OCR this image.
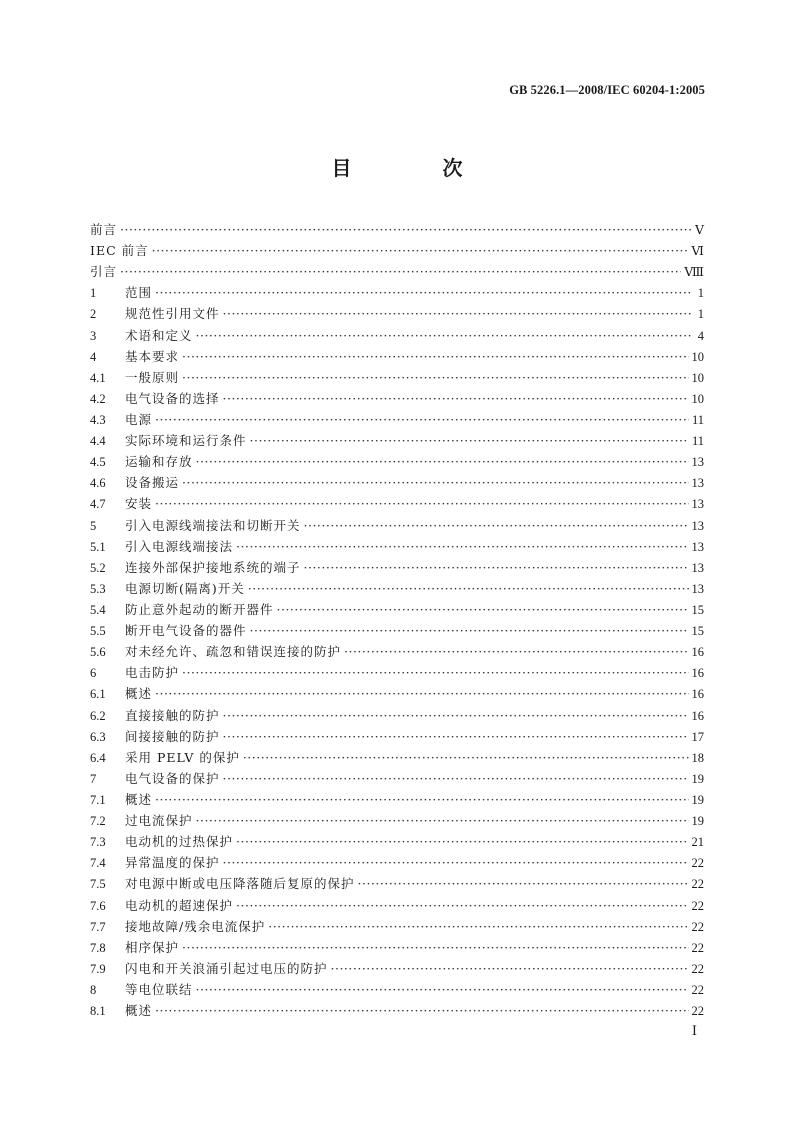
GB 5226.1—2008/IEC 60204-1:2005
目 次
前言 ·····	Ⅴ
IEC 前言 ·····	Ⅵ
引言 ·····	Ⅷ
1	范围 ·····	1
2	规范性引用文件 ·····	1
3	术语和定义 ·····	4
4	基本要求 ·····	10
4.1	一般原则 ·····	10
4.2	电气设备的选择 ·····	10
4.3	电源 ·····	11
4.4	实际环境和运行条件 ·····	11
4.5	运输和存放 ·····	13
4.6	设备搬运 ·····	13
4.7	安装 ·····	13
5	引入电源线端接法和切断开关 ·····	13
5.1	引入电源线端接法 ·····	13
5.2	连接外部保护接地系统的端子 ·····	13
5.3	电源切断(隔离)开关 ·····	13
5.4	防止意外起动的断开器件 ·····	15
5.5	断开电气设备的器件 ·····	15
5.6	对未经允许、疏忽和错误连接的防护 ·····	16
6	电击防护 ·····	16
6.1	概述 ·····	16
6.2	直接接触的防护 ·····	16
6.3	间接接触的防护 ·····	17
6.4	采用 PELV 的保护 ·····	18
7	电气设备的保护 ·····	19
7.1	概述 ·····	19
7.2	过电流保护 ·····	19
7.3	电动机的过热保护 ·····	21
7.4	异常温度的保护 ·····	22
7.5	对电源中断或电压降落随后复原的保护 ·····	22
7.6	电动机的超速保护 ·····	22
7.7	接地故障/残余电流保护 ·····	22
7.8	相序保护 ·····	22
7.9	闪电和开关浪涌引起过电压的防护 ·····	22
8	等电位联结 ·····	22
8.1	概述 ·····	22
Ⅰ
